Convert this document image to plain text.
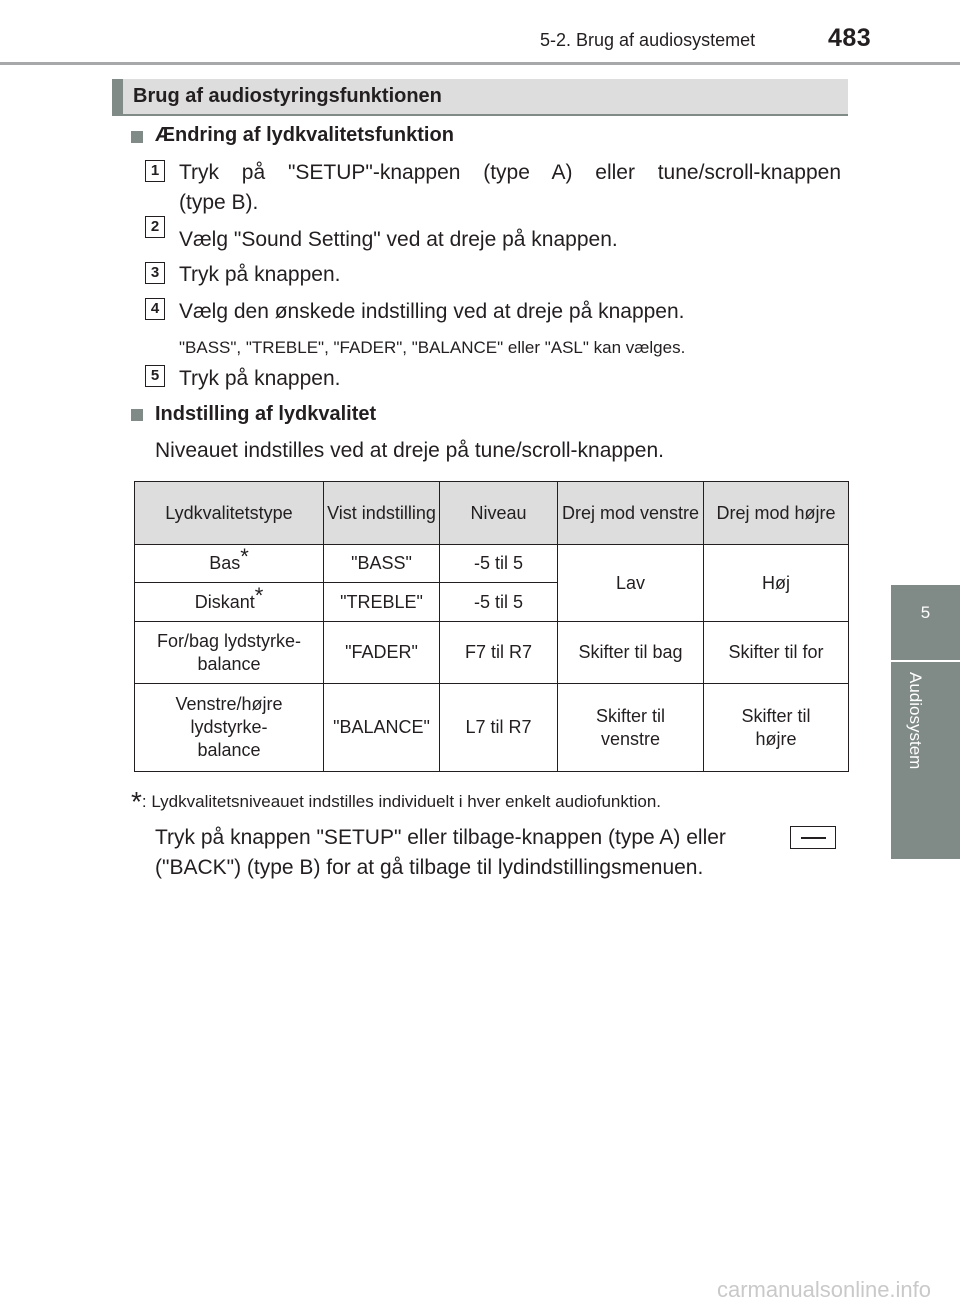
5-2. Brug af audiosystemet	483
5
Audiosystem
Brug af audiostyringsfunktionen
Ændring af lydkvalitetsfunktion
1 Tryk på "SETUP"-knappen (type A) eller tune/scroll-knappen
(type B).
2
Vælg "Sound Setting" ved at dreje på knappen.
3 Tryk på knappen.
4 Vælg den ønskede indstilling ved at dreje på knappen.
"BASS", "TREBLE", "FADER", "BALANCE" eller "ASL" kan vælges.
5 Tryk på knappen.
Indstilling af lydkvalitet
Niveauet indstilles ved at dreje på tune/scroll-knappen.
Lydkvalitetstype	Vist indstilling	Niveau	Drej mod venstre	Drej mod højre
Bas*	"BASS"	-5 til 5	Lav	Høj
Diskant*	"TREBLE"	-5 til 5		
For/bag lydstyrke-balance	"FADER"	F7 til R7	Skifter til bag	Skifter til for
Venstre/højre lydstyrke-balance	"BALANCE"	L7 til R7	Skifter til venstre	Skifter til højre
*: Lydkvalitetsniveauet indstilles individuelt i hver enkelt audiofunktion.
Tryk på knappen "SETUP" eller tilbage-knappen (type A) eller
("BACK") (type B) for at gå tilbage til lydindstillingsmenuen.
carmanualsonline.info
